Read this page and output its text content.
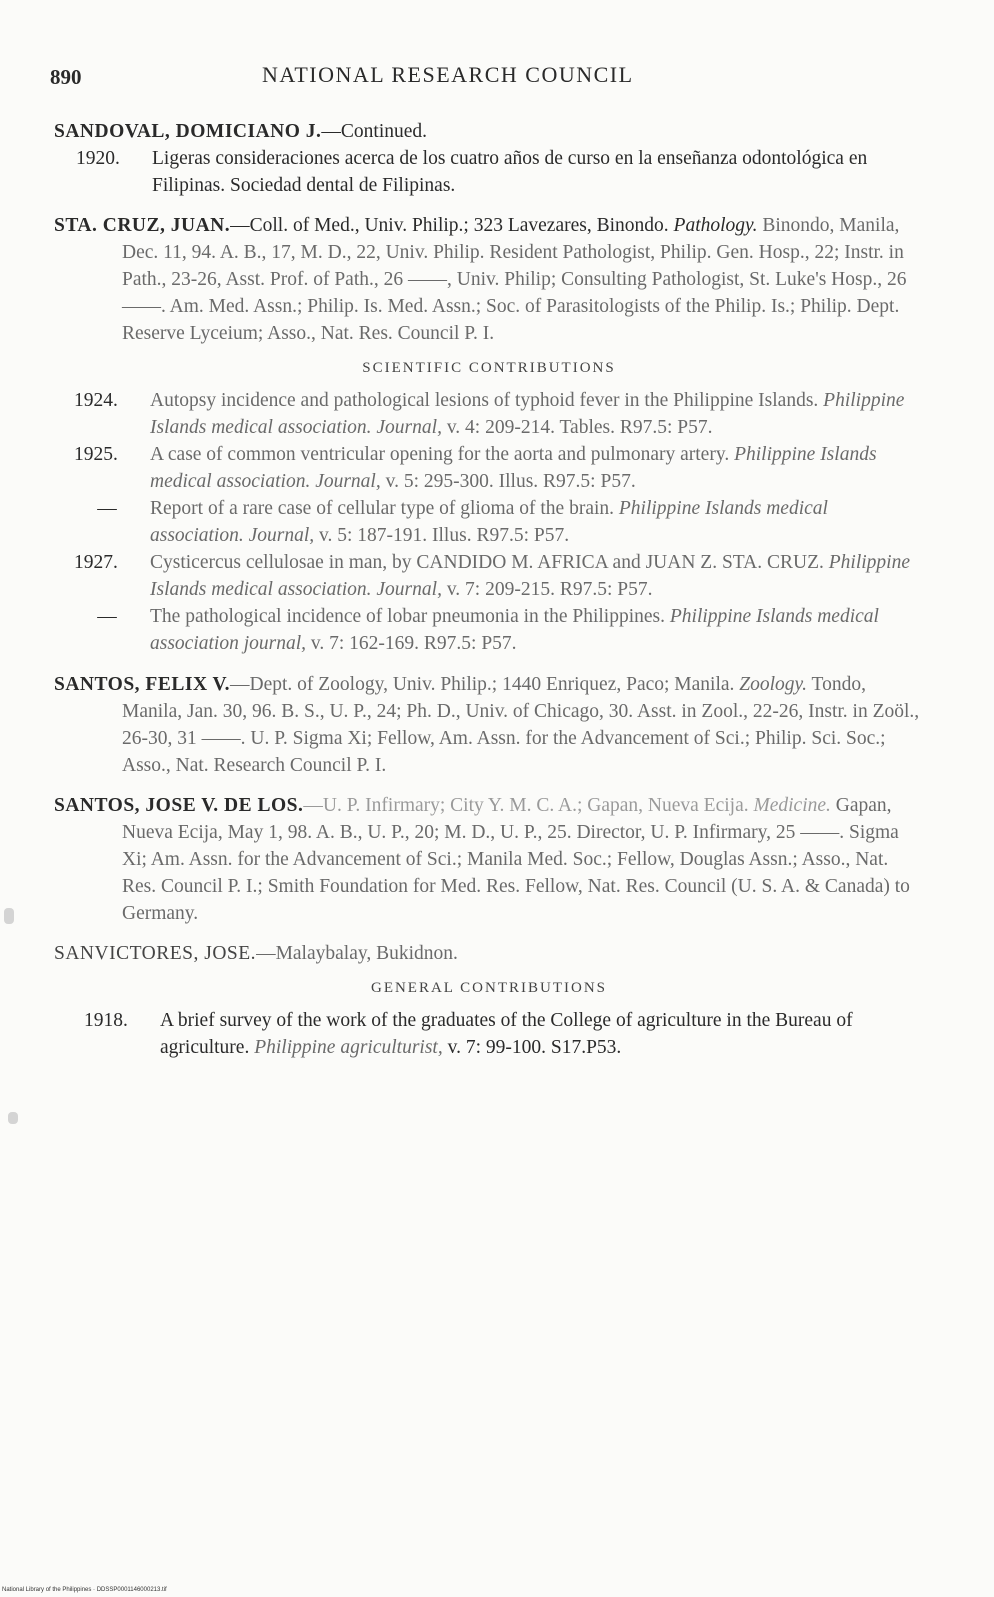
890	NATIONAL RESEARCH COUNCIL
SANDOVAL, DOMICIANO J.—Continued.
1920.	Ligeras consideraciones acerca de los cuatro años de curso en la enseñanza odontológica en Filipinas. Sociedad dental de Filipinas.
STA. CRUZ, JUAN.—Coll. of Med., Univ. Philip.; 323 Lavezares, Binondo. Pathology. Binondo, Manila, Dec. 11, 94. A. B., 17, M. D., 22, Univ. Philip. Resident Pathologist, Philip. Gen. Hosp., 22; Instr. in Path., 23-26, Asst. Prof. of Path., 26 ——, Univ. Philip; Consulting Pathologist, St. Luke's Hosp., 26 ——. Am. Med. Assn.; Philip. Is. Med. Assn.; Soc. of Parasitologists of the Philip. Is.; Philip. Dept. Reserve Lyceium; Asso., Nat. Res. Council P. I.
SCIENTIFIC CONTRIBUTIONS
1924.	Autopsy incidence and pathological lesions of typhoid fever in the Philippine Islands. Philippine Islands medical association. Journal, v. 4: 209-214. Tables. R97.5: P57.
1925.	A case of common ventricular opening for the aorta and pulmonary artery. Philippine Islands medical association. Journal, v. 5: 295-300. Illus. R97.5: P57.
—	Report of a rare case of cellular type of glioma of the brain. Philippine Islands medical association. Journal, v. 5: 187-191. Illus. R97.5: P57.
1927.	Cysticercus cellulosae in man, by CANDIDO M. AFRICA and JUAN Z. STA. CRUZ. Philippine Islands medical association. Journal, v. 7: 209-215. R97.5: P57.
—	The pathological incidence of lobar pneumonia in the Philippines. Philippine Islands medical association journal, v. 7: 162-169. R97.5: P57.
SANTOS, FELIX V.—Dept. of Zoology, Univ. Philip.; 1440 Enriquez, Paco; Manila. Zoology. Tondo, Manila, Jan. 30, 96. B. S., U. P., 24; Ph. D., Univ. of Chicago, 30. Asst. in Zool., 22-26, Instr. in Zoöl., 26-30, 31 ——. U. P. Sigma Xi; Fellow, Am. Assn. for the Advancement of Sci.; Philip. Sci. Soc.; Asso., Nat. Research Council P. I.
SANTOS, JOSE V. DE LOS.—U. P. Infirmary; City Y. M. C. A.; Gapan, Nueva Ecija. Medicine. Gapan, Nueva Ecija, May 1, 98. A. B., U. P., 20; M. D., U. P., 25. Director, U. P. Infirmary, 25 ——. Sigma Xi; Am. Assn. for the Advancement of Sci.; Manila Med. Soc.; Fellow, Douglas Assn.; Asso., Nat. Res. Council P. I.; Smith Foundation for Med. Res. Fellow, Nat. Res. Council (U. S. A. & Canada) to Germany.
SANVICTORES, JOSE.—Malaybalay, Bukidnon.
GENERAL CONTRIBUTIONS
1918.	A brief survey of the work of the graduates of the College of agriculture in the Bureau of agriculture. Philippine agriculturist, v. 7: 99-100. S17.P53.
National Library of the Philippines · DDSSP0001146000213.tif
